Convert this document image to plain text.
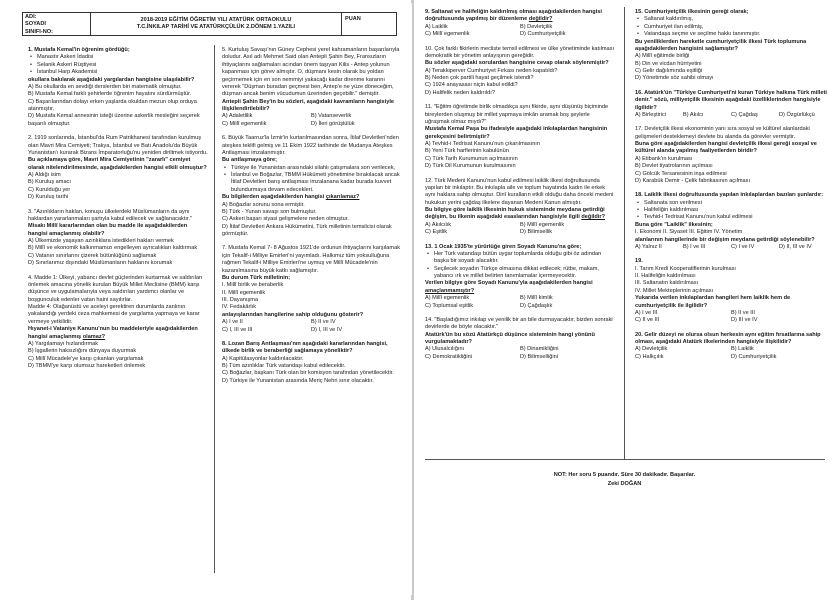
ADI:
SOYADI
SINIFI-NO:
2018-2019 EĞİTİM ÖĞRETİM YILI ATATÜRK ORTAOKULU
T.C.İNKILAP TARİHİ VE ATATÜRKÇÜLÜK 2.DÖNEM 1.YAZILI
PUAN
1. Mustafa Kemal'in öğrenim gördüğü;
• Manastır Askeri İdadisi
• Selanik Askeri Rüştiyesi
• İstanbul Harp Akademisi
okullara bakılarak aşağıdaki yargılardan hangisine ulaşılabilir?
A) Bu okullarda en sevdiği derslerden biri matematik olmuştur.
B) Mustafa Kemal farklı şehirlerde öğrenim hayatını sürdürmüştür.
C) Başarılarından dolayı erken yaşlarda okuldan mezun olup orduya atanmıştır.
D) Mustafa Kemal annesinin isteği üzerine askerlik mesleğini seçerek başarılı olmuştur.
2. 1919 sonlarında, İstanbul'da Rum Patrikhanesi tarafından kurulmuş olan Mavri Mira Cemiyeti; Trakya, İstanbul ve Batı Anadolu'da Büyük Yunanistan'ı kurarak Bizans İmparatorluğu'nu yeniden diriltmek istiyordu.
Bu açıklamaya göre, Mavri Mira Cemiyetinin "zararlı" cemiyet olarak nitelendirilmesinde, aşağıdakilerden hangisi etkili olmuştur?
A) Aldığı isim
B) Kuruluş amacı
C) Kurulduğu yer
D) Kuruluş tarihi
3. "Azınlıkların haklan, konuşu ülkelerdeki Müslümanların da aynı haklardan yararlanmaları şartıyla kabul edilecek ve sağlanacaktır."
Misakı Millî kararlarından olan bu madde ile aşağıdakilerden hangisi amaçlanmış olabilir?
A) Ülkemizde yaşayan azınlıklara istedikleri hakları vermek
B) Millî ve ekonomik kalkınmamızı engelleyen ayrıcalıkları kaldırmak
C) Vatanın sınırlarını çizerek bütünlüğünü sağlamak
D) Sınırlarımız dışındaki Müslümanların haklarını korumak
4. Madde 1: Ülkeyi, yabancı devlet güçlerinden kurtarmak ve saldırıları önlemek amacına yönelik kurulan Büyük Millet Meclisine (BMM) karşı düşünce ve uygulamalarıyla veya saldırıları yardımcı olanlar ve boşgunculuk edenler vatan haini sayılırlar.
Madde 4: Olağanüstü ve aceleyi gerektiren durumlarda zanlının yakalandığı yerdeki ceza mahkemesi de yargılama yapmaya ve karar vermeye yetkilidir.
Hıyanet-i Vataniye Kanunu'nun bu maddeleriyle aşağıdakilerden hangisi amaçlanmış olamaz?
A) Yargılamayı hızlandırmak
B) İşgallerin haksızlığını dünyaya duyurmak
C) Millî Mücadele'ye karşı çıkanları yargılamak
D) TBMM'ye karşı olumsuz hareketleri önlemek
5. Kurtuluş Savaşı'nın Güney Cephesi yerel kahramanların başarılarıyla doludur. Asıl adı Mehmet Said olan Antepli Şahin Bey, Fransızların ihtiyaçlarını sağlamaları acından önem taşıyan Kilis - Antep yolunun kapanması için görev almıştır. O, düşmanı kesin olarak bu yoldan geçirmemek için en son nemmiyi yakacağı kadar direnme kararını vererek "Düşman buradan geçmesi ben, Antep'e ne yüze döneceğim, düşman ancak benim vücudumun üzerinden geçebilir." demiştir.
Antepli Şahin Bey'in bu sözleri, aşağıdaki kavramların hangisiyle ilişkilendirilebilir?
A) Adaletlilik	B) Vatanseverlik
C) Millî egemenlik	D) İleri görüşlülük
6. Büyük Taarruz'la İzmir'in kurtarılmasından sonra, İtilaf Devletleri'nden ateşkes teklifi gelmiş ve 11 Ekim 1922 tarihinde de Mudanya Ateşkes Antlaşması imzalanmıştır.
Bu antlaşmaya göre;
• Türkiye ile Yunanistan arasındaki silahlı çatışmalara son verilecek,
• İstanbul ve Boğazlar, TBMM Hükümeti yönetimine bırakılacak ancak İtilaf Devletleri barış antlaşması imzalanana kadar burada kuvvet bulundurmaya devam edecekleri.
Bu bilgilerden aşağıdakilerden hangisi çıkarılamaz?
A) Boğazlar sorunu sona ermiştir.
B) Türk - Yunan savaşı son bulmuştur.
C) Askeri başarı siyasi gelişmelere neden olmuştur.
D) İtilaf Devletleri Ankara Hükümetini, Türk milletinin temsilcisi olarak görmüştür.
7. Mustafa Kemal 7- 8 Ağustos 1921'de ordunun ihtiyaçlarını karşılamak için Tekalif-i Milliye Emirleri'ni yayımladı. Halkımız tüm yoksulluğuna rağmen Tekalif-i Milliye Emirleri'ne uymuş ve Millî Mücadele'nin kazanılmasına büyük katkı sağlamıştır.
Bu durum Türk milletinin;
I. Millî birlik ve beraberlik
II. Millî egemenlik
III. Dayanışma
IV. Fedakârlık
anlayışlarından hangilerine sahip olduğunu gösterir?
A) I ve II	B) II ve IV
C) I, III ve III	D) I, III ve IV
8. Lozan Barış Antlaşması'nın aşağıdaki kararlarından hangisi, ülkede birlik ve beraberliği sağlamaya yöneliktir?
A) Kapitülasyonlar kaldırılacaktır.
B) Tüm azınlıklar Türk vatandaşı kabul edilecektir.
C) Boğazlar, başkanı Türk olan bir komisyon tarafından yönetilecektir.
D) Türkiye ile Yunanistan arasında Meriç Nehri sınır olacaktır.
9. Saltanat ve halifeliğin kaldırılmış olması aşağıdakilerden hangisi doğrultusunda yapılmış bir düzenleme değildir?
A) Laiklik	B) Devletçilik
C) Millî egemenlik	D) Cumhuriyetçilik
10. Çok farklı fikirlerin mecliste temsil edilmesi ve ülke yönetiminde katılması demokratik bir yönetim anlayışının gereğidir.
Bu sözler aşağıdaki sorulardan hangisine cevap olarak söylenmiştir?
A) Terakkiperver Cumhuriyet Fırkası neden kapatıldı?
B) Neden çok partili hayat geçilmek istendi?
C) 1924 anayasası niçin kabul edildi?
D) Halifelik neden kaldırıldı?
11. "Eğitim öğretimde birlik olmadıkça aynı fikirde, aynı düşünüş biçiminde bireylerden oluşmuş bir millet yapmaya imkân aramak boş şeylerle uğraşmak olmaz mıydı?"
Mustafa Kemal Paşa bu ifadesiyle aşağıdaki inkılaplardan hangisinin gerekçesini belirtmiştir?
A) Tevhid-i Tedrisat Kanunu'nun çıkarılmasının
B) Yeni Türk harflerinin kabulünün
C) Türk Tarih Kurumunun açılmasının
D) Türk Dil Kurumunun kurulmasının
12. Türk Medeni Kanunu'nun kabul edilmesi laiklik ilkesi doğrultusunda yapılan bir inkılaptır. Bu inkılapla aile ve toplum hayatında kadın ile erkek aynı haklara sahip olmuştur. Dinî kuralların etkili olduğu daha önceki medeni hukukun yerini çağdaş ilkelere dayanan Medeni Kanun almıştır.
Bu bilgiye göre laiklik ilkesinin hukuk sisteminde meydana getirdiği değişim, bu ilkenin aşağıdaki esaslarından hangisiyle ilgili değildir?
A) Akılcılık	B) Millî egemenlik
C) Eşitlik	D) Bilimsellik
13. 1 Ocak 1935'te yürürlüğe giren Soyadı Kanunu'na göre;
• Her Türk vatandaşı bütün uygar toplumlarda olduğu gibi öz adından başka bir soyadı alacaktır.
• Seçilecek soyadın Türkçe olmasına dikkat edilecek; rütbe, makam, yabancı ırk ve millet belirten tanımlamalar içermeyecektir.
Verilen bilgiye göre Soyadı Kanunu'yla aşağıdakilerden hangisi amaçlanmamıştır?
A) Millî egemenlik	B) Millî kimlik
C) Toplumsal eşitlik	D) Çağdaşlık
14. "Başladığımız inkılap ve yenilik bir an bile durmayacaktır, bizden sonraki devirlerde de böyle olacaktır."
Atatürk'ün bu sözü Atatürkçü düşünce sisteminin hangi yönünü vurgulamaktadır?
A) Ulusalcılığını	B) Dinamikliğini
C) Demokratikliğini	D) Bilimselliğini
15. Cumhuriyetçilik ilkesinin gereği olarak;
• Saltanat kaldırılmış,
• Cumhuriyet ilan edilmiş,
• Vatandaşa seçme ve seçilme hakkı tanınmıştır.
Bu yeniliklerden hareketle cumhuriyetçilik ilkesi Türk toplumuna aşağıdakilerden hangisini sağlamıştır?
A) Millî eğitimde birliği
B) Din ve vicdan hürriyetini
C) Gelir dağılımında eşitliği
D) Yönetimde söz sahibi olmayı
16. Atatürk'ün "Türkiye Cumhuriyeti'ni kuran Türkiye halkına Türk milleti denir." sözü, milliyetçilik ilkesinin aşağıdaki özelliklerinden hangisiyle ilgilidir?
A) Birleştirici	B) Akılcı	C) Çağdaş	D) Özgürlükçü
17. Devletçilik ilkesi ekonominin yanı sıra sosyal ve kültürel alanlardaki gelişmeleri desteklemeyi devlete bu alanda da görevler vermiştir.
Buna göre aşağıdakilerden hangisi devletçilik ilkesi gereği sosyal ve kültürel alanda yapılmış faaliyetlerden biridir?
A) Etibank'ın kurulması
B) Devlet tiyatrolarının açılması
C) Gölcük Tersanesinin inşa edilmesi
D) Karabük Demir - Çelik fabrikasının açılması
18. Laiklik ilkesi doğrultusunda yapılan inkılaplardan bazıları şunlardır:
• Saltanata son verilmesi
• Halifeliğin kaldırılması
• Tevhid-i Tedrisat Kanunu'nun kabul edilmesi
Buna göre "Laiklik" ilkesinin;
I. Ekonomi II. Siyaset III. Eğitim IV. Yönetim
alanlarının hangilerinde bir değişim meydana getirdiği söylenebilir?
A) Yalnız II	B) I ve III	C) I ve IV	D) II, III ve IV
19.
I. Tarım Kredi Kooperatiflerinin kurulması
II. Halifeliğin kaldırılması
III. Saltanatın kaldırılması
IV. Millet Mekteplerinin açılması
Yukarıda verilen inkılaplardan hangileri hem laiklik hem de cumhuriyetçilik ile ilgilidir?
A) I ve III	B) II ve III
C) II ve III	D) III ve IV
20. Gelir düzeyi ne olursa olsun herkesin aynı eğitim fırsatlarına sahip olması, aşağıdaki Atatürk ilkelerinden hangisiyle ilişkilidir?
A) Devletçilik	B) Laiklik
C) Halkçılık	D) Cumhuriyetçilik
NOT: Her soru 5 puandır. Süre 30 dakikadır. Başarılar.
Zeki DOĞAN
